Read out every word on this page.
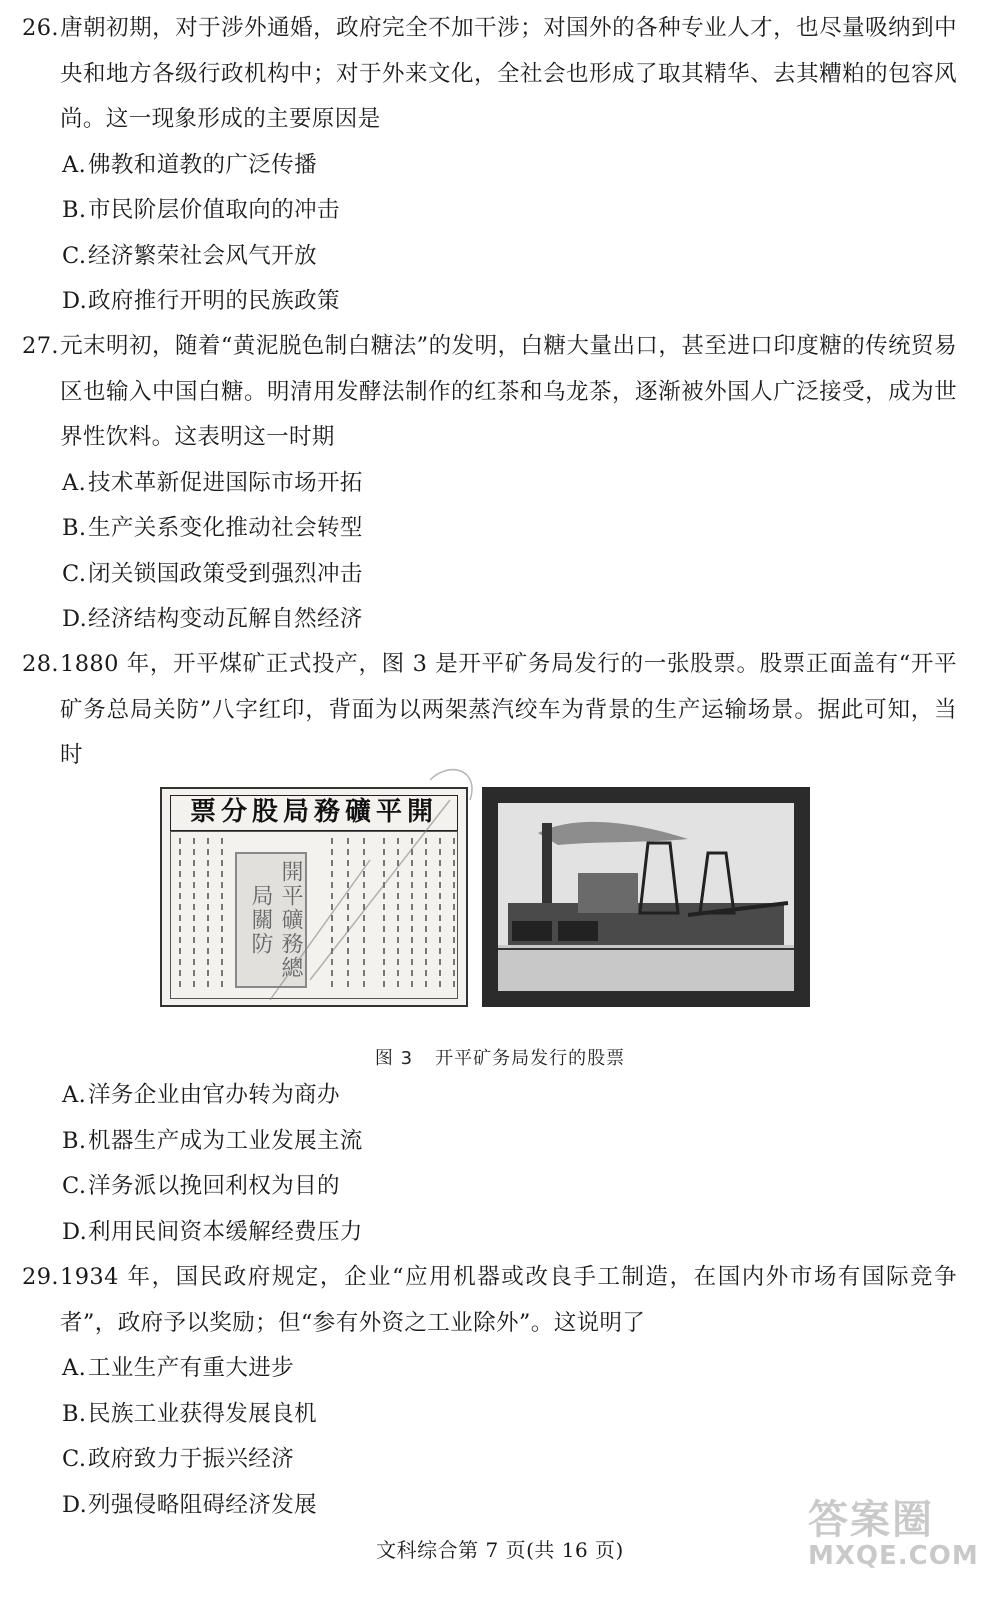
26.唐朝初期，对于涉外通婚，政府完全不加干涉；对国外的各种专业人才，也尽量吸纳到中央和地方各级行政机构中；对于外来文化，全社会也形成了取其精华、去其糟粕的包容风尚。这一现象形成的主要原因是

A.佛教和道教的广泛传播

B.市民阶层价值取向的冲击

C.经济繁荣社会风气开放

D.政府推行开明的民族政策

27.元末明初，随着“黄泥脱色制白糖法”的发明，白糖大量出口，甚至进口印度糖的传统贸易区也输入中国白糖。明清用发酵法制作的红茶和乌龙茶，逐渐被外国人广泛接受，成为世界性饮料。这表明这一时期

A.技术革新促进国际市场开拓

B.生产关系变化推动社会转型

C.闭关锁国政策受到强烈冲击

D.经济结构变动瓦解自然经济

28.1880 年，开平煤矿正式投产，图 3 是开平矿务局发行的一张股票。股票正面盖有“开平矿务总局关防”八字红印，背面为以两架蒸汽绞车为背景的生产运输场景。据此可知，当时

票分股局務礦平開
開平礦務總局關防
图 3 开平矿务局发行的股票

A.洋务企业由官办转为商办

B.机器生产成为工业发展主流

C.洋务派以挽回利权为目的

D.利用民间资本缓解经费压力

29.1934 年，国民政府规定，企业“应用机器或改良手工制造，在国内外市场有国际竞争者”，政府予以奖励；但“参有外资之工业除外”。这说明了

A.工业生产有重大进步

B.民族工业获得发展良机

C.政府致力于振兴经济

D.列强侵略阻碍经济发展

文科综合第 7 页(共 16 页)
答案圈
MXQE.COM
